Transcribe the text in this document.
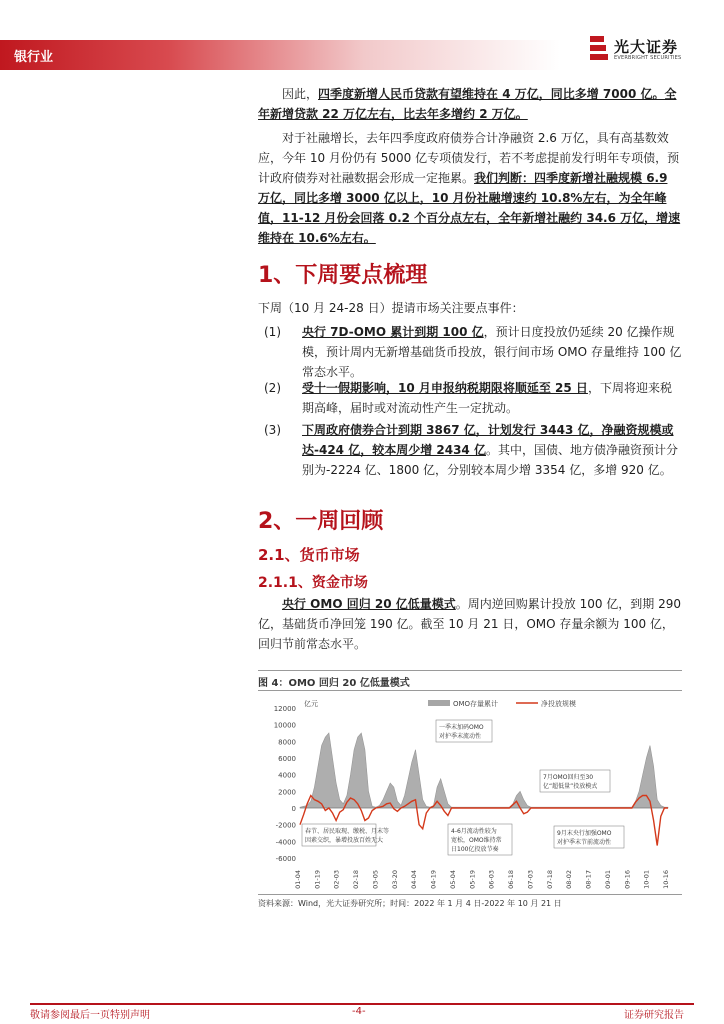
银行业
光大证券
EVERBRIGHT SECURITIES

因此，四季度新增人民币贷款有望维持在 4 万亿，同比多增 7000 亿。全年新增贷款 22 万亿左右，比去年多增约 2 万亿。

对于社融增长，去年四季度政府债券合计净融资 2.6 万亿，具有高基数效应，今年 10 月份仍有 5000 亿专项债发行，若不考虑提前发行明年专项债，预计政府债券对社融数据会形成一定拖累。我们判断：四季度新增社融规模 6.9 万亿，同比多增 3000 亿以上，10 月份社融增速约 10.8%左右，为全年峰值，11-12 月份会回落 0.2 个百分点左右，全年新增社融约 34.6 万亿，增速维持在 10.6%左右。

1、下周要点梳理

下周（10 月 24-28 日）提请市场关注要点事件：

(1) 央行 7D-OMO 累计到期 100 亿，预计日度投放仍延续 20 亿操作规模，预计周内无新增基础货币投放，银行间市场 OMO 存量维持 100 亿常态水平。
(2) 受十一假期影响，10 月申报纳税期限将顺延至 25 日，下周将迎来税期高峰，届时或对流动性产生一定扰动。
(3) 下周政府债券合计到期 3867 亿，计划发行 3443 亿，净融资规模或达-424 亿，较本周少增 2434 亿。其中，国债、地方债净融资预计分别为-2224 亿、1800 亿，分别较本周少增 3354 亿，多增 920 亿。
2、一周回顾
2.1、货币市场
2.1.1、资金市场

央行 OMO 回归 20 亿低量模式。周内逆回购累计投放 100 亿，到期 290 亿，基础货币净回笼 190 亿。截至 10 月 21 日，OMO 存量余额为 100 亿，回归节前常态水平。

图 4：OMO 回归 20 亿低量模式
-6000
-4000
-2000
0
2000
4000
6000
8000
10000
12000
亿元
01-04 01-19 02-03 02-18 03-05 03-20 04-04 04-19 05-04 05-19 06-03 06-18 07-03 07-18 08-02 08-17 09-01 09-16 10-01 10-16
OMO存量累计	净投放规模
一季末加码OMO 对护季末流动性
7月OMO回归至30 亿“超低量”投放模式
春节、居民取现、缴税、月末等因素交织，暴增投放百姓无大
4-6月流动性较为宽松，OMO维持常日100亿投放节奏
9月末央行加强OMO 对护季末节前流动性
资料来源：Wind，光大证券研究所；时间：2022 年 1 月 4 日-2022 年 10 月 21 日
敬请参阅最后一页特别声明	-4-	证券研究报告
